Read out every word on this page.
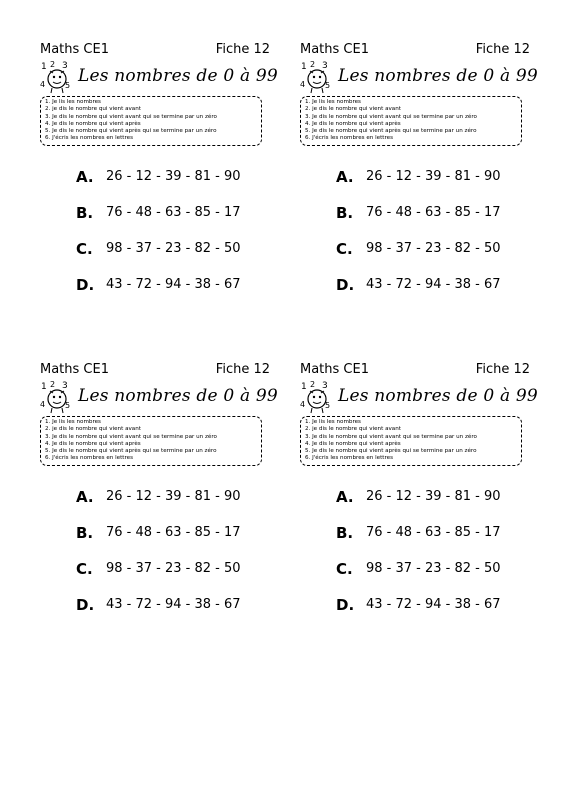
Maths CE1	Fiche 12
1 2 3
4 5 Les nombres de 0 à 99
1. Je lis les nombres
2. je dis le nombre qui vient avant
3. Je dis le nombre qui vient avant qui se termine par un zéro
4. Je dis le nombre qui vient après
5. Je dis le nombre qui vient après qui se termine par un zéro
6. J'écris les nombres en lettres
A. 26 - 12 - 39 - 81 - 90
B. 76 - 48 - 63 - 85 - 17
C. 98 - 37 - 23 - 82 - 50
D. 43 - 72 - 94 - 38 - 67
Maths CE1	Fiche 12
1 2 3
4 5 Les nombres de 0 à 99
1. Je lis les nombres
2. je dis le nombre qui vient avant
3. Je dis le nombre qui vient avant qui se termine par un zéro
4. Je dis le nombre qui vient après
5. Je dis le nombre qui vient après qui se termine par un zéro
6. J'écris les nombres en lettres
A. 26 - 12 - 39 - 81 - 90
B. 76 - 48 - 63 - 85 - 17
C. 98 - 37 - 23 - 82 - 50
D. 43 - 72 - 94 - 38 - 67
Maths CE1	Fiche 12
1 2 3
4 5 Les nombres de 0 à 99
1. Je lis les nombres
2. je dis le nombre qui vient avant
3. Je dis le nombre qui vient avant qui se termine par un zéro
4. Je dis le nombre qui vient après
5. Je dis le nombre qui vient après qui se termine par un zéro
6. J'écris les nombres en lettres
A. 26 - 12 - 39 - 81 - 90
B. 76 - 48 - 63 - 85 - 17
C. 98 - 37 - 23 - 82 - 50
D. 43 - 72 - 94 - 38 - 67
Maths CE1	Fiche 12
1 2 3
4 5 Les nombres de 0 à 99
1. Je lis les nombres
2. je dis le nombre qui vient avant
3. Je dis le nombre qui vient avant qui se termine par un zéro
4. Je dis le nombre qui vient après
5. Je dis le nombre qui vient après qui se termine par un zéro
6. J'écris les nombres en lettres
A. 26 - 12 - 39 - 81 - 90
B. 76 - 48 - 63 - 85 - 17
C. 98 - 37 - 23 - 82 - 50
D. 43 - 72 - 94 - 38 - 67
